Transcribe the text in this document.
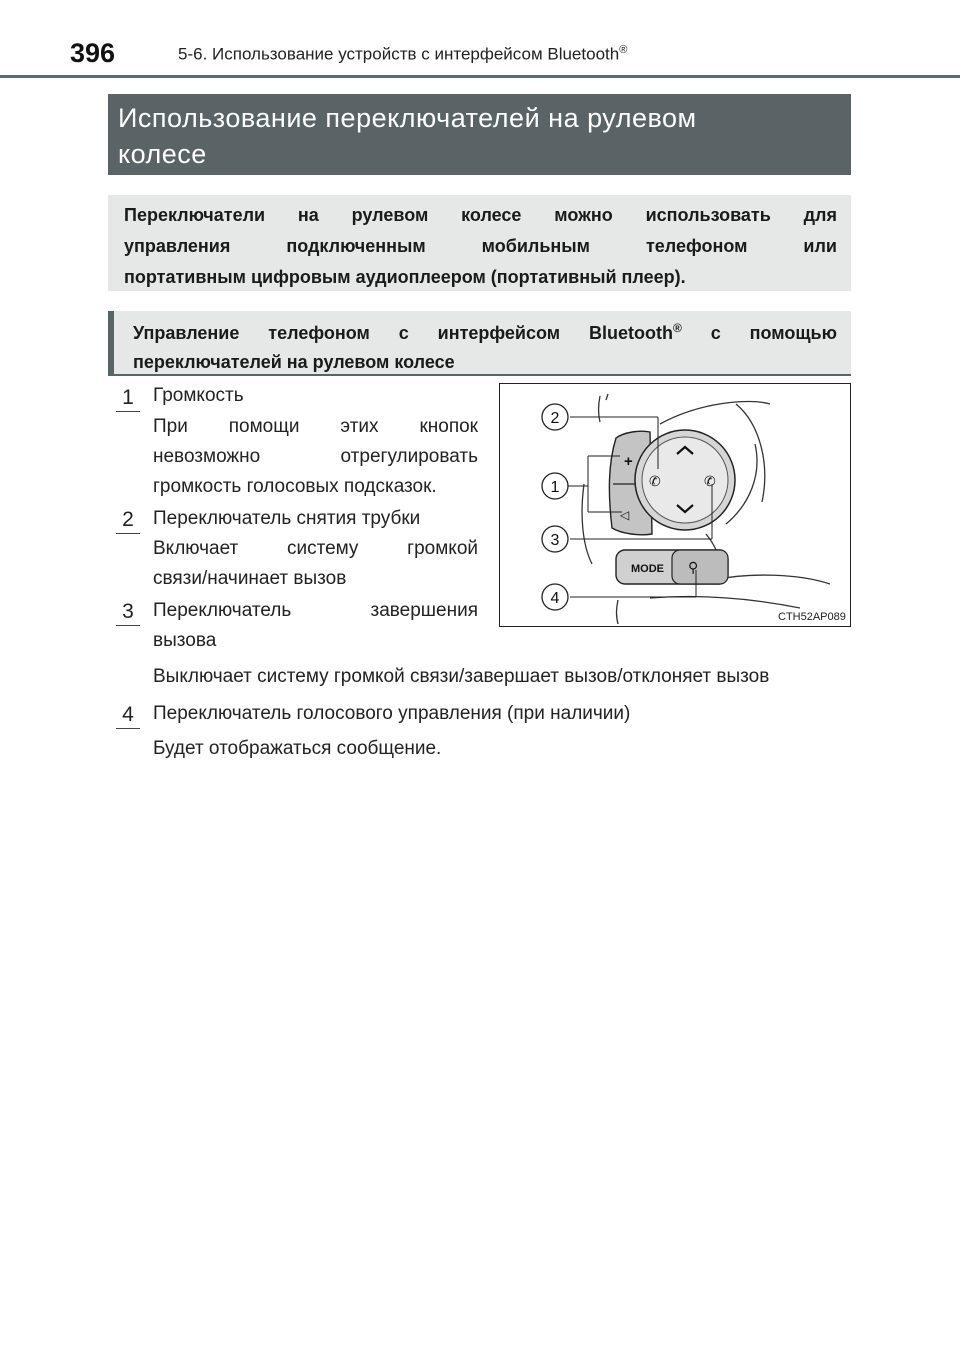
396	5-6. Использование устройств с интерфейсом Bluetooth®
Использование переключателей на рулевом
колесе
Переключатели на рулевом колесе можно использовать для
управления подключенным мобильным телефоном или
портативным цифровым аудиоплеером (портативный плеер).
Управление телефоном с интерфейсом Bluetooth® с помощью
переключателей на рулевом колесе
1	Громкость
При помощи этих кнопок
невозможно отрегулировать
громкость голосовых подсказок.
2	Переключатель снятия трубки
Включает систему громкой
связи/начинает вызов
3	Переключатель завершения
вызова
Выключает систему громкой связи/завершает вызов/отклоняет вызов
4	Переключатель голосового управления (при наличии)
Будет отображаться сообщение.
+
◁
✆	✆
MODE ⚲
2
1
3
4
CTH52AP089
